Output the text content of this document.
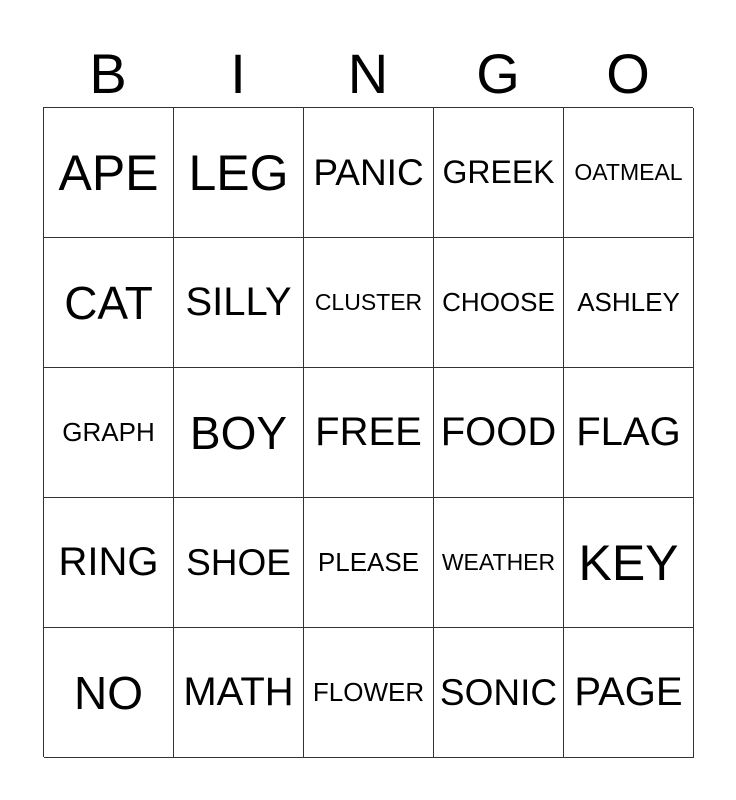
B	I	N	G	O
APE LEG PANIC GREEK OATMEAL
CAT SILLY	CLUSTER CHOOSE ASHLEY
GRAPH BOY FREE FOOD FLAG
RING SHOE	PLEASE WEATHER KEY
NO	MATH FLOWER SONIC PAGE
